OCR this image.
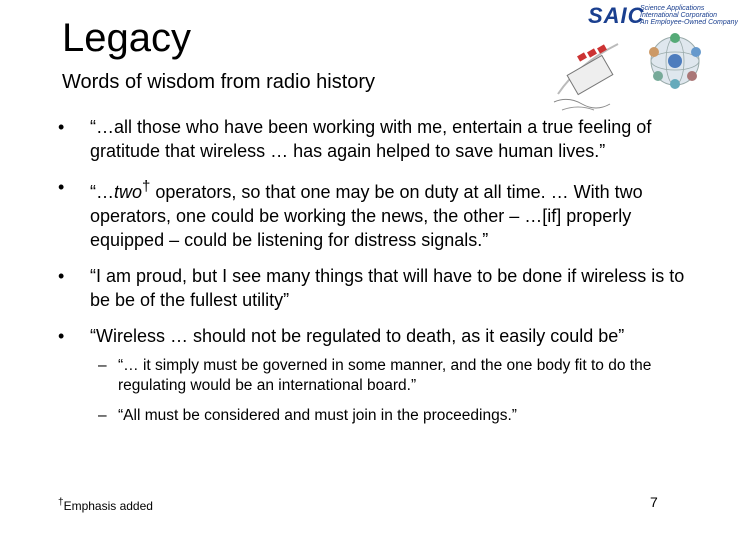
Legacy
Words of wisdom from radio history
SAIC
Science Applications
International Corporation
An Employee-Owned Company
• “…all those who have been working with me, entertain a true feeling of gratitude that wireless … has again helped to save human lives.”
• “…two† operators, so that one may be on duty at all time. … With two operators, one could be working the news, the other – …[if] properly equipped – could be listening for distress signals.”
• “I am proud, but I see many things that will have to be done if wireless is to be be of the fullest utility”
• “Wireless … should not be regulated to death, as it easily could be”
– “… it simply must be governed in some manner, and the one body fit to do the regulating would be an international board.”
– “All must be considered and must join in the proceedings.”
†Emphasis added	7
